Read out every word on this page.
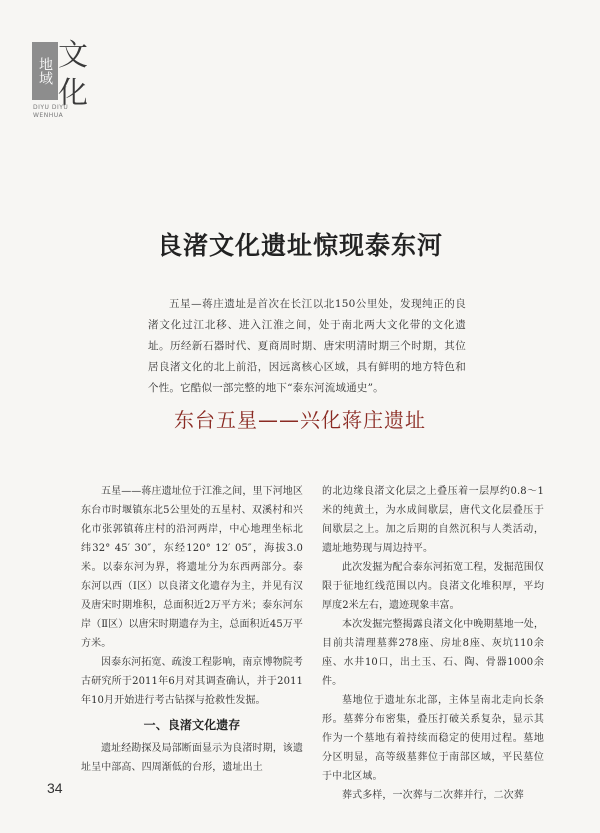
地域 文
化
DIYU DIYU
WENHUA
良渚文化遗址惊现泰东河
五星—蒋庄遗址是首次在长江以北150公里处，发现纯正的良渚文化过江北移、进入江淮之间，处于南北两大文化带的文化遗址。历经新石器时代、夏商周时期、唐宋明清时期三个时期，其位居良渚文化的北上前沿，因远离核心区域，具有鲜明的地方特色和个性。它酷似一部完整的地下“泰东河流域通史”。
东台五星——兴化蒋庄遗址

五星——蒋庄遗址位于江淮之间，里下河地区东台市时堰镇东北5公里处的五星村、双溪村和兴化市张郭镇蒋庄村的沿河两岸，中心地理坐标北纬32° 45′ 30″，东经120° 12′ 05″，海拔3.0米。以泰东河为界，将遗址分为东西两部分。泰东河以西（Ⅰ区）以良渚文化遗存为主，并见有汉及唐宋时期堆积，总面积近2万平方米；泰东河东岸（Ⅱ区）以唐宋时期遗存为主，总面积近45万平方米。

因泰东河拓宽、疏浚工程影响，南京博物院考古研究所于2011年6月对其调查确认，并于2011年10月开始进行考古钻探与抢救性发掘。

一、良渚文化遗存

遗址经勘探及局部断面显示为良渚时期，该遗址呈中部高、四周渐低的台形，遗址出土

的北边缘良渚文化层之上叠压着一层厚约0.8～1米的纯黄土，为水成间歇层，唐代文化层叠压于间歇层之上。加之后期的自然沉积与人类活动，遗址地势现与周边持平。

此次发掘为配合泰东河拓宽工程，发掘范围仅限于征地红线范围以内。良渚文化堆积厚，平均厚度2米左右，遗迹现象丰富。

本次发掘完整揭露良渚文化中晚期墓地一处，目前共清理墓葬278座、房址8座、灰坑110余座、水井10口，出土玉、石、陶、骨器1000余件。

墓地位于遗址东北部，主体呈南北走向长条形。墓葬分布密集，叠压打破关系复杂，显示其作为一个墓地有着持续而稳定的使用过程。墓地分区明显，高等级墓葬位于南部区域，平民墓位于中北区域。

葬式多样，一次葬与二次葬并行，二次葬

34
